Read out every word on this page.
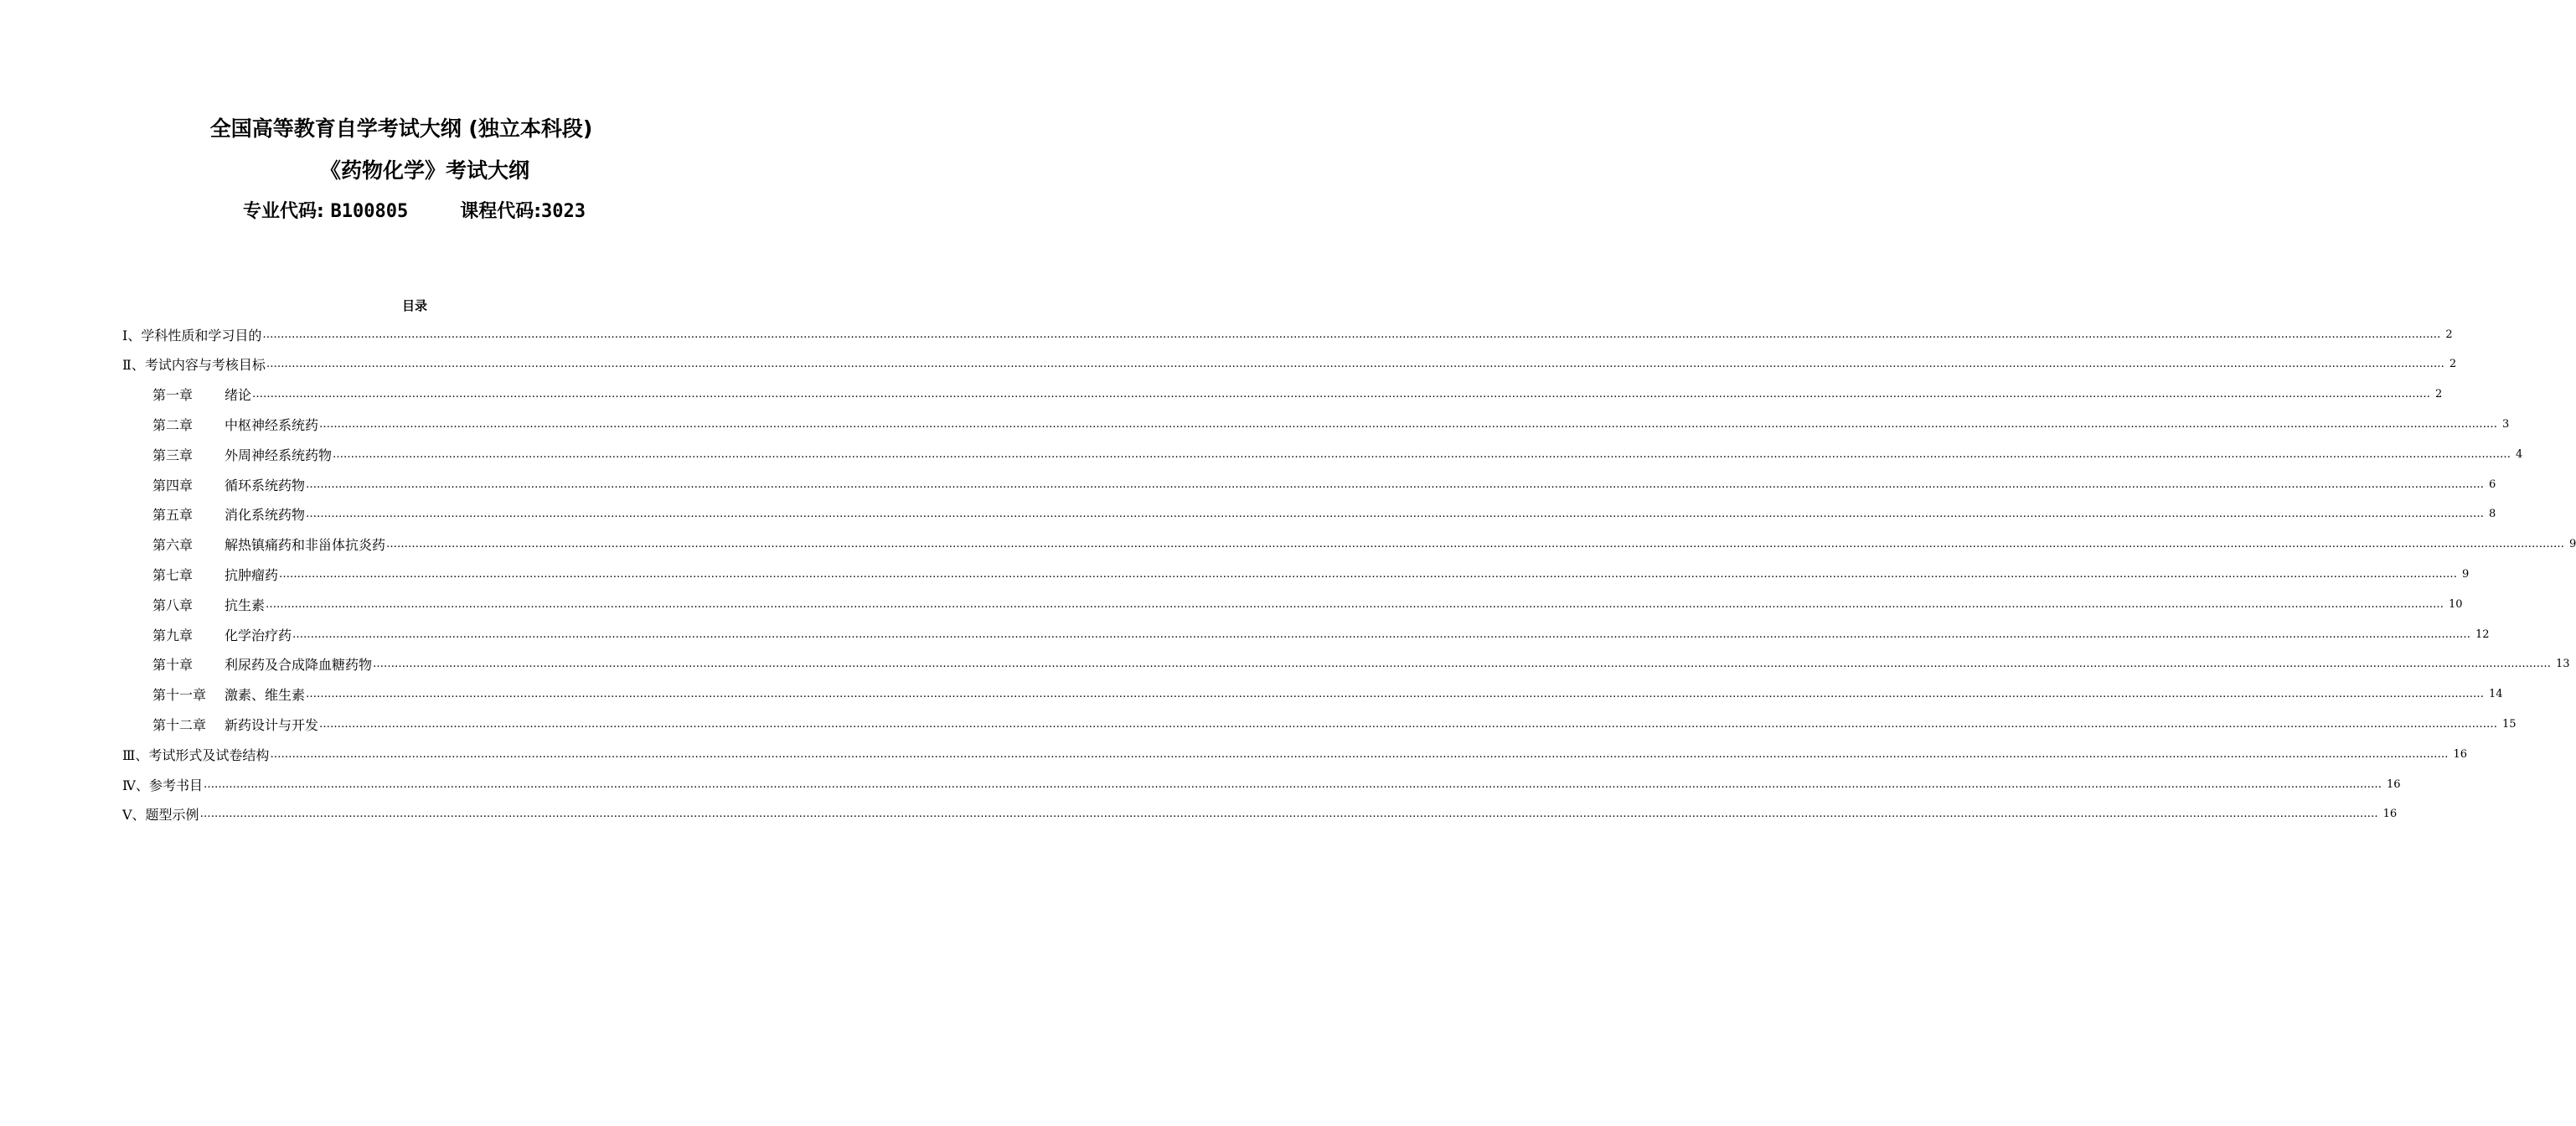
全国高等教育自学考试大纲 (独立本科段)
《药物化学》考试大纲
专业代码: B100805	课程代码:3023
目录
Ⅰ、学科性质和学习目的 …………………………………………………………………………………………………………………………………………………………………………………………………………………………………………………………………………………………………………………………………………………………………………………………………………………………………………………………………………………………………………………………………………………… 2
Ⅱ、考试内容与考核目标 …………………………………………………………………………………………………………………………………………………………………………………………………………………………………………………………………………………………………………………………………………………………………………………………………………………………………………………………………………………………………………………………………………………… 2
第一章 绪论 …………………………………………………………………………………………………………………………………………………………………………………………………………………………………………………………………………………………………………………………………………………………………………………………………………………………………………………………………………………………………………………………………………………… 2
第二章 中枢神经系统药 …………………………………………………………………………………………………………………………………………………………………………………………………………………………………………………………………………………………………………………………………………………………………………………………………………………………………………………………………………………………………………………………………………………… 3
第三章 外周神经系统药物 …………………………………………………………………………………………………………………………………………………………………………………………………………………………………………………………………………………………………………………………………………………………………………………………………………………………………………………………………………………………………………………………………………………… 4
第四章 循环系统药物 …………………………………………………………………………………………………………………………………………………………………………………………………………………………………………………………………………………………………………………………………………………………………………………………………………………………………………………………………………………………………………………………………………………… 6
第五章 消化系统药物 …………………………………………………………………………………………………………………………………………………………………………………………………………………………………………………………………………………………………………………………………………………………………………………………………………………………………………………………………………………………………………………………………………………… 8
第六章 解热镇痛药和非甾体抗炎药 …………………………………………………………………………………………………………………………………………………………………………………………………………………………………………………………………………………………………………………………………………………………………………………………………………………………………………………………………………………………………………………………………………………… 9
第七章 抗肿瘤药 …………………………………………………………………………………………………………………………………………………………………………………………………………………………………………………………………………………………………………………………………………………………………………………………………………………………………………………………………………………………………………………………………………………… 9
第八章 抗生素 …………………………………………………………………………………………………………………………………………………………………………………………………………………………………………………………………………………………………………………………………………………………………………………………………………………………………………………………………………………………………………………………………………………… 10
第九章 化学治疗药 …………………………………………………………………………………………………………………………………………………………………………………………………………………………………………………………………………………………………………………………………………………………………………………………………………………………………………………………………………………………………………………………………………………… 12
第十章 利尿药及合成降血糖药物 …………………………………………………………………………………………………………………………………………………………………………………………………………………………………………………………………………………………………………………………………………………………………………………………………………………………………………………………………………………………………………………………………………………… 13
第十一章 激素、维生素 …………………………………………………………………………………………………………………………………………………………………………………………………………………………………………………………………………………………………………………………………………………………………………………………………………………………………………………………………………………………………………………………………………………… 14
第十二章 新药设计与开发 …………………………………………………………………………………………………………………………………………………………………………………………………………………………………………………………………………………………………………………………………………………………………………………………………………………………………………………………………………………………………………………………………………………… 15
Ⅲ、考试形式及试卷结构 …………………………………………………………………………………………………………………………………………………………………………………………………………………………………………………………………………………………………………………………………………………………………………………………………………………………………………………………………………………………………………………………………………………… 16
Ⅳ、参考书目 …………………………………………………………………………………………………………………………………………………………………………………………………………………………………………………………………………………………………………………………………………………………………………………………………………………………………………………………………………………………………………………………………………………… 16
Ⅴ、题型示例 …………………………………………………………………………………………………………………………………………………………………………………………………………………………………………………………………………………………………………………………………………………………………………………………………………………………………………………………………………………………………………………………………………………… 16
